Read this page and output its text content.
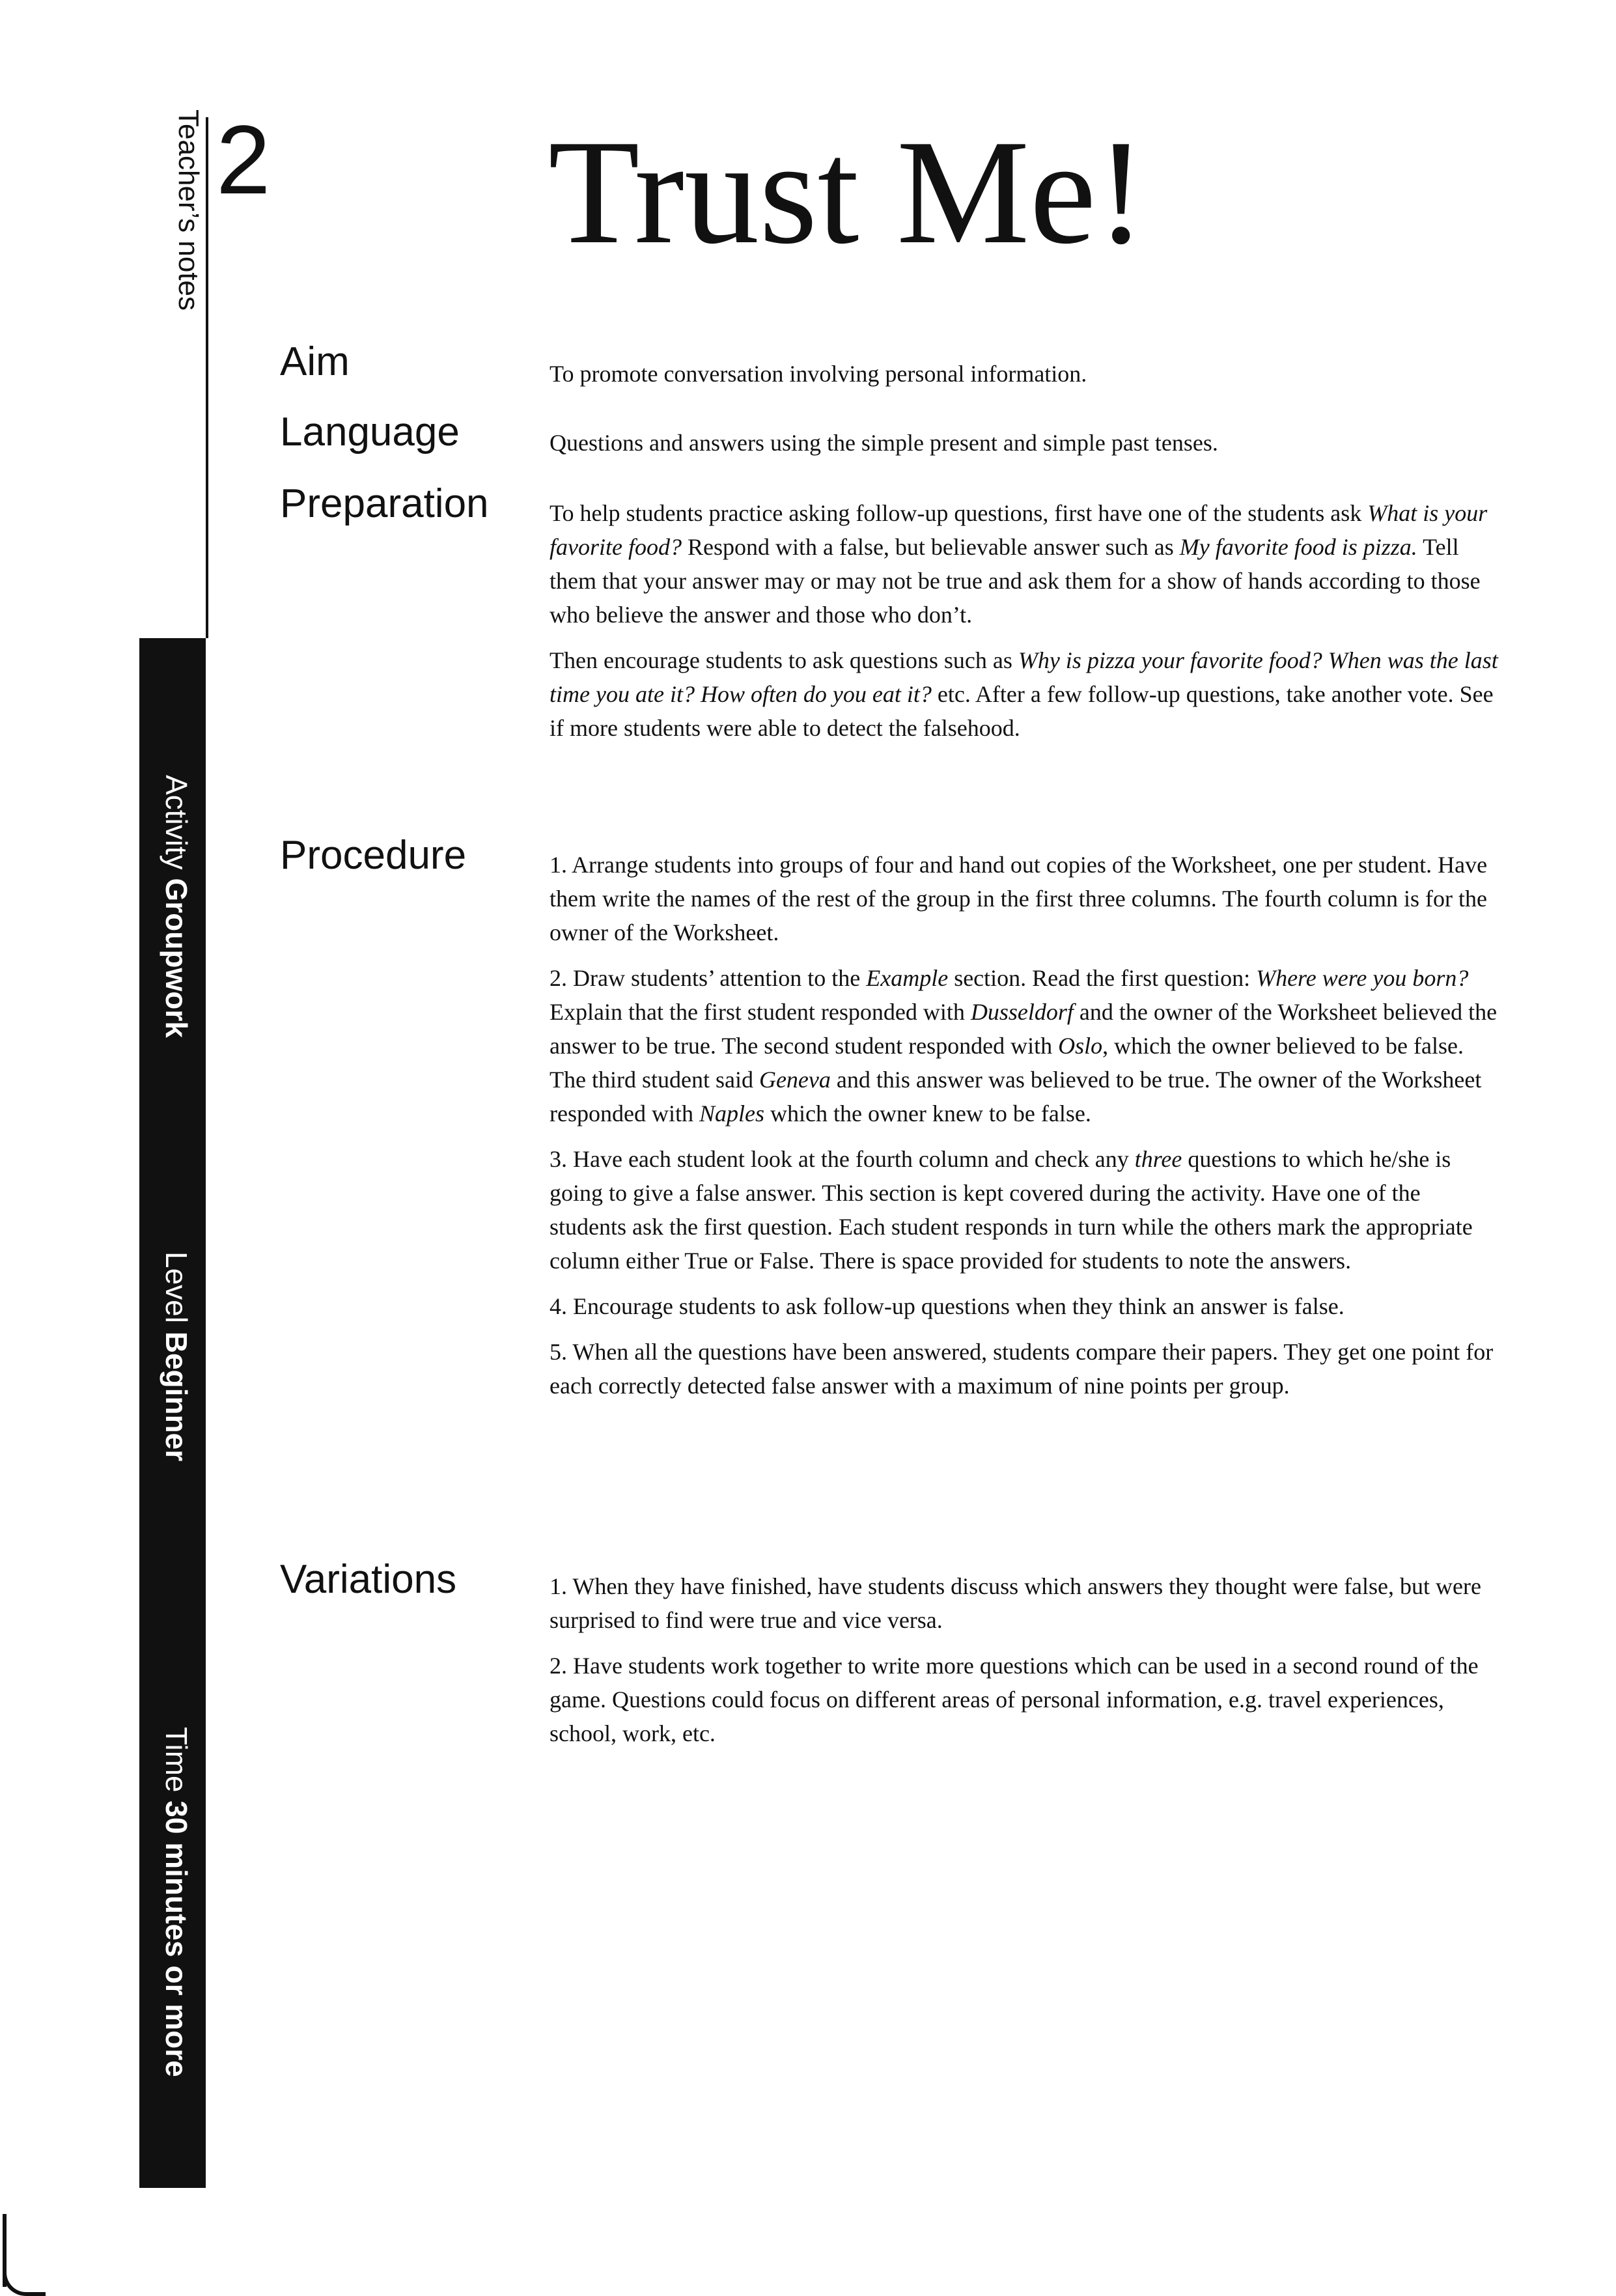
Teacher’s notes 2 Trust Me!
Activity Groupwork
Level Beginner
Time 30 minutes or more
Aim	To promote conversation involving personal information.

Language	Questions and answers using the simple present and simple past tenses.

Preparation	To help students practice asking follow-up questions, first have one of the students ask What is your favorite food? Respond with a false, but believable answer such as My favorite food is pizza. Tell them that your answer may or may not be true and ask them for a show of hands according to those who believe the answer and those who don’t.

Then encourage students to ask questions such as Why is pizza your favorite food? When was the last time you ate it? How often do you eat it? etc. After a few follow-up questions, take another vote. See if more students were able to detect the falsehood.

Procedure	1. Arrange students into groups of four and hand out copies of the Worksheet, one per student. Have them write the names of the rest of the group in the first three columns. The fourth column is for the owner of the Worksheet.

2. Draw students’ attention to the Example section. Read the first question: Where were you born? Explain that the first student responded with Dusseldorf and the owner of the Worksheet believed the answer to be true. The second student responded with Oslo, which the owner believed to be false. The third student said Geneva and this answer was believed to be true. The owner of the Worksheet responded with Naples which the owner knew to be false.

3. Have each student look at the fourth column and check any three questions to which he/she is going to give a false answer. This section is kept covered during the activity. Have one of the students ask the first question. Each student responds in turn while the others mark the appropriate column either True or False. There is space provided for students to note the answers.

4. Encourage students to ask follow-up questions when they think an answer is false.

5. When all the questions have been answered, students compare their papers. They get one point for each correctly detected false answer with a maximum of nine points per group.

Variations	1. When they have finished, have students discuss which answers they thought were false, but were surprised to find were true and vice versa.

2. Have students work together to write more questions which can be used in a second round of the game. Questions could focus on different areas of personal information, e.g. travel experiences, school, work, etc.
